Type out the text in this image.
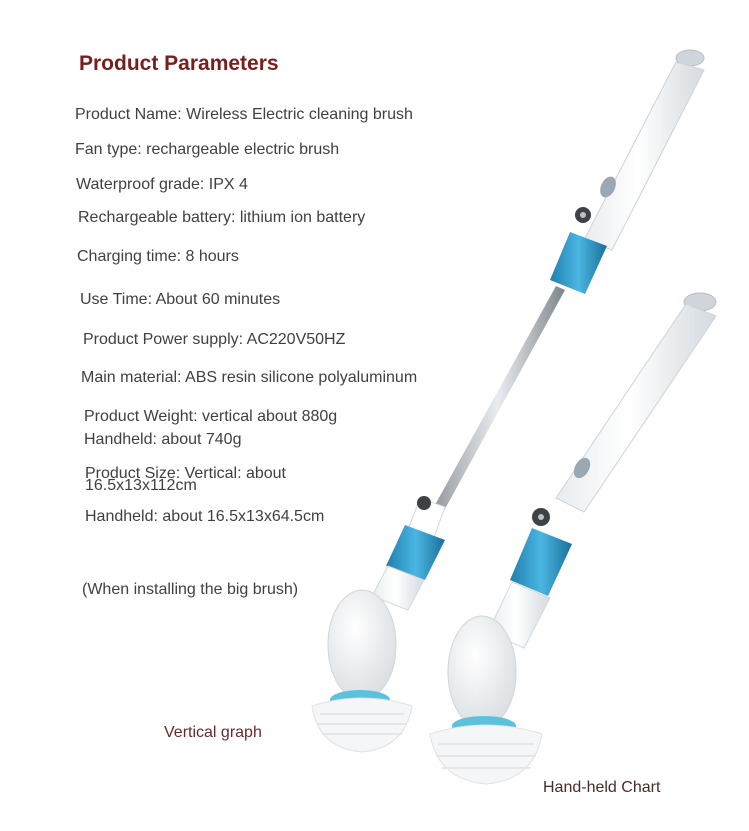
Product Parameters
Product Name: Wireless Electric cleaning brush
Fan type: rechargeable electric brush
Waterproof grade: IPX 4
Rechargeable battery: lithium ion battery
Charging time: 8 hours
Use Time: About 60 minutes
Product Power supply: AC220V50HZ
Main material: ABS resin silicone polyaluminum
Product Weight: vertical about 880g
Handheld: about 740g
Product Size: Vertical: about
16.5x13x112cm
Handheld: about 16.5x13x64.5cm
(When installing the big brush)
Vertical graph
Hand-held Chart
